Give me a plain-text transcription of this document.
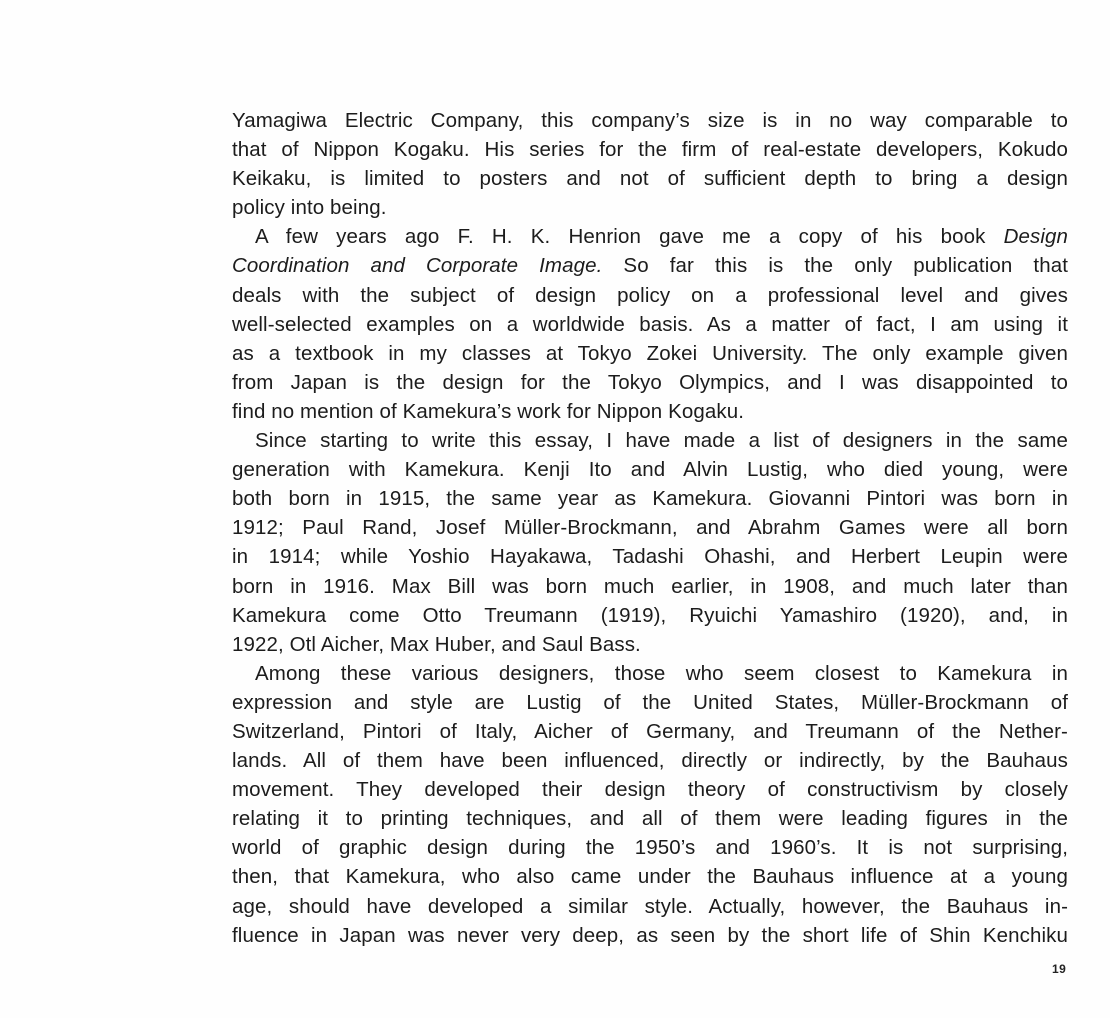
Yamagiwa Electric Company, this company’s size is in no way comparable to
that of Nippon Kogaku. His series for the firm of real-estate developers, Kokudo
Keikaku, is limited to posters and not of sufficient depth to bring a design
policy into being.
A few years ago F. H. K. Henrion gave me a copy of his book Design
Coordination and Corporate Image. So far this is the only publication that
deals with the subject of design policy on a professional level and gives
well-selected examples on a worldwide basis. As a matter of fact, I am using it
as a textbook in my classes at Tokyo Zokei University. The only example given
from Japan is the design for the Tokyo Olympics, and I was disappointed to
find no mention of Kamekura’s work for Nippon Kogaku.
Since starting to write this essay, I have made a list of designers in the same
generation with Kamekura. Kenji Ito and Alvin Lustig, who died young, were
both born in 1915, the same year as Kamekura. Giovanni Pintori was born in
1912; Paul Rand, Josef Müller-Brockmann, and Abrahm Games were all born
in 1914; while Yoshio Hayakawa, Tadashi Ohashi, and Herbert Leupin were
born in 1916. Max Bill was born much earlier, in 1908, and much later than
Kamekura come Otto Treumann (1919), Ryuichi Yamashiro (1920), and, in
1922, Otl Aicher, Max Huber, and Saul Bass.
Among these various designers, those who seem closest to Kamekura in
expression and style are Lustig of the United States, Müller-Brockmann of
Switzerland, Pintori of Italy, Aicher of Germany, and Treumann of the Nether-
lands. All of them have been influenced, directly or indirectly, by the Bauhaus
movement. They developed their design theory of constructivism by closely
relating it to printing techniques, and all of them were leading figures in the
world of graphic design during the 1950’s and 1960’s. It is not surprising,
then, that Kamekura, who also came under the Bauhaus influence at a young
age, should have developed a similar style. Actually, however, the Bauhaus in-
fluence in Japan was never very deep, as seen by the short life of Shin Kenchiku
19
